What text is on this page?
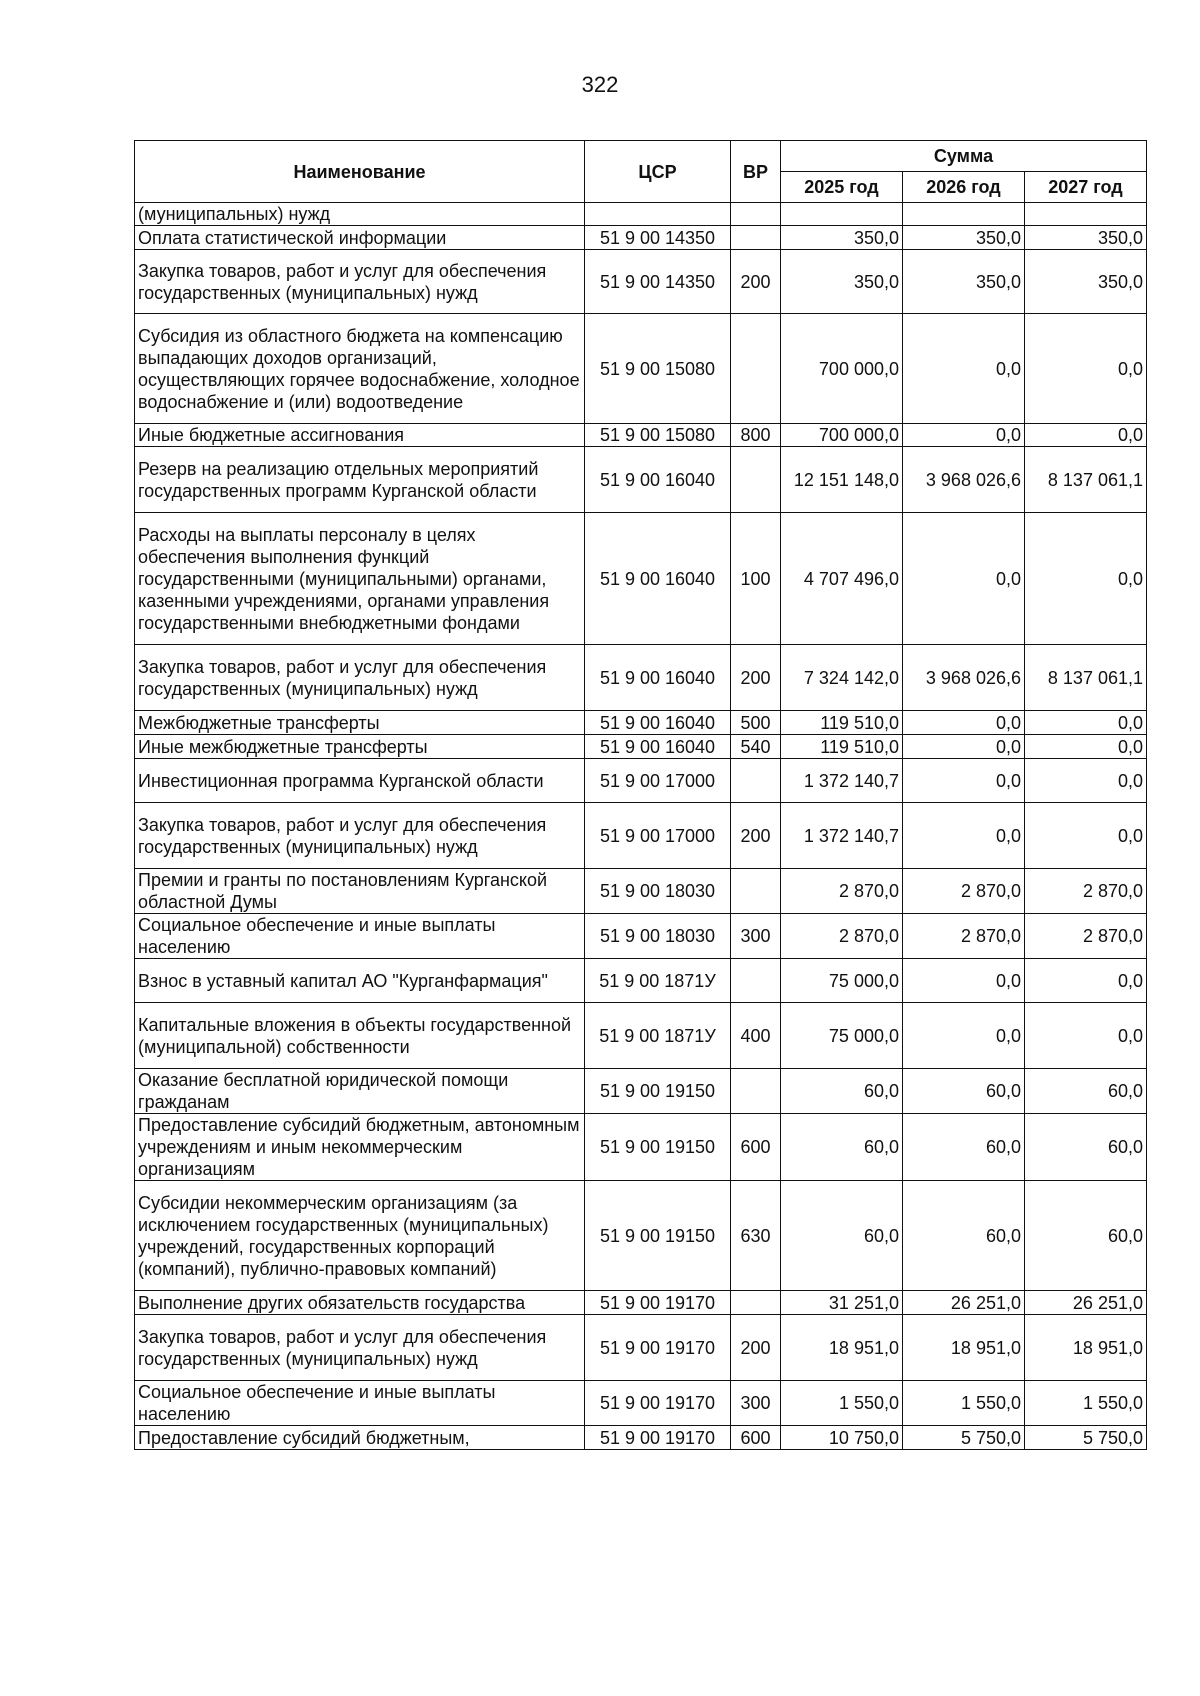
322
Наименование	ЦСР	ВР	Сумма		
			2025 год	2026 год	2027 год
(муниципальных) нужд					
Оплата статистической информации	51 9 00 14350		350,0	350,0	350,0
Закупка товаров, работ и услуг для обеспечения государственных (муниципальных) нужд	51 9 00 14350	200	350,0	350,0	350,0
Субсидия из областного бюджета на компенсацию выпадающих доходов организаций, осуществляющих горячее водоснабжение, холодное водоснабжение и (или) водоотведение	51 9 00 15080		700 000,0	0,0	0,0
Иные бюджетные ассигнования	51 9 00 15080	800	700 000,0	0,0	0,0
Резерв на реализацию отдельных мероприятий государственных программ Курганской области	51 9 00 16040		12 151 148,0	3 968 026,6	8 137 061,1
Расходы на выплаты персоналу в целях обеспечения выполнения функций государственными (муниципальными) органами, казенными учреждениями, органами управления государственными внебюджетными фондами	51 9 00 16040	100	4 707 496,0	0,0	0,0
Закупка товаров, работ и услуг для обеспечения государственных (муниципальных) нужд	51 9 00 16040	200	7 324 142,0	3 968 026,6	8 137 061,1
Межбюджетные трансферты	51 9 00 16040	500	119 510,0	0,0	0,0
Иные межбюджетные трансферты	51 9 00 16040	540	119 510,0	0,0	0,0
Инвестиционная программа Курганской области	51 9 00 17000		1 372 140,7	0,0	0,0
Закупка товаров, работ и услуг для обеспечения государственных (муниципальных) нужд	51 9 00 17000	200	1 372 140,7	0,0	0,0
Премии и гранты по постановлениям Курганской областной Думы	51 9 00 18030		2 870,0	2 870,0	2 870,0
Социальное обеспечение и иные выплаты населению	51 9 00 18030	300	2 870,0	2 870,0	2 870,0
Взнос в уставный капитал АО "Курганфармация"	51 9 00 1871У		75 000,0	0,0	0,0
Капитальные вложения в объекты государственной (муниципальной) собственности	51 9 00 1871У	400	75 000,0	0,0	0,0
Оказание бесплатной юридической помощи гражданам	51 9 00 19150		60,0	60,0	60,0
Предоставление субсидий бюджетным, автономным учреждениям и иным некоммерческим организациям	51 9 00 19150	600	60,0	60,0	60,0
Субсидии некоммерческим организациям (за исключением государственных (муниципальных) учреждений, государственных корпораций (компаний), публично-правовых компаний)	51 9 00 19150	630	60,0	60,0	60,0
Выполнение других обязательств государства	51 9 00 19170		31 251,0	26 251,0	26 251,0
Закупка товаров, работ и услуг для обеспечения государственных (муниципальных) нужд	51 9 00 19170	200	18 951,0	18 951,0	18 951,0
Социальное обеспечение и иные выплаты населению	51 9 00 19170	300	1 550,0	1 550,0	1 550,0
Предоставление субсидий бюджетным,	51 9 00 19170	600	10 750,0	5 750,0	5 750,0
